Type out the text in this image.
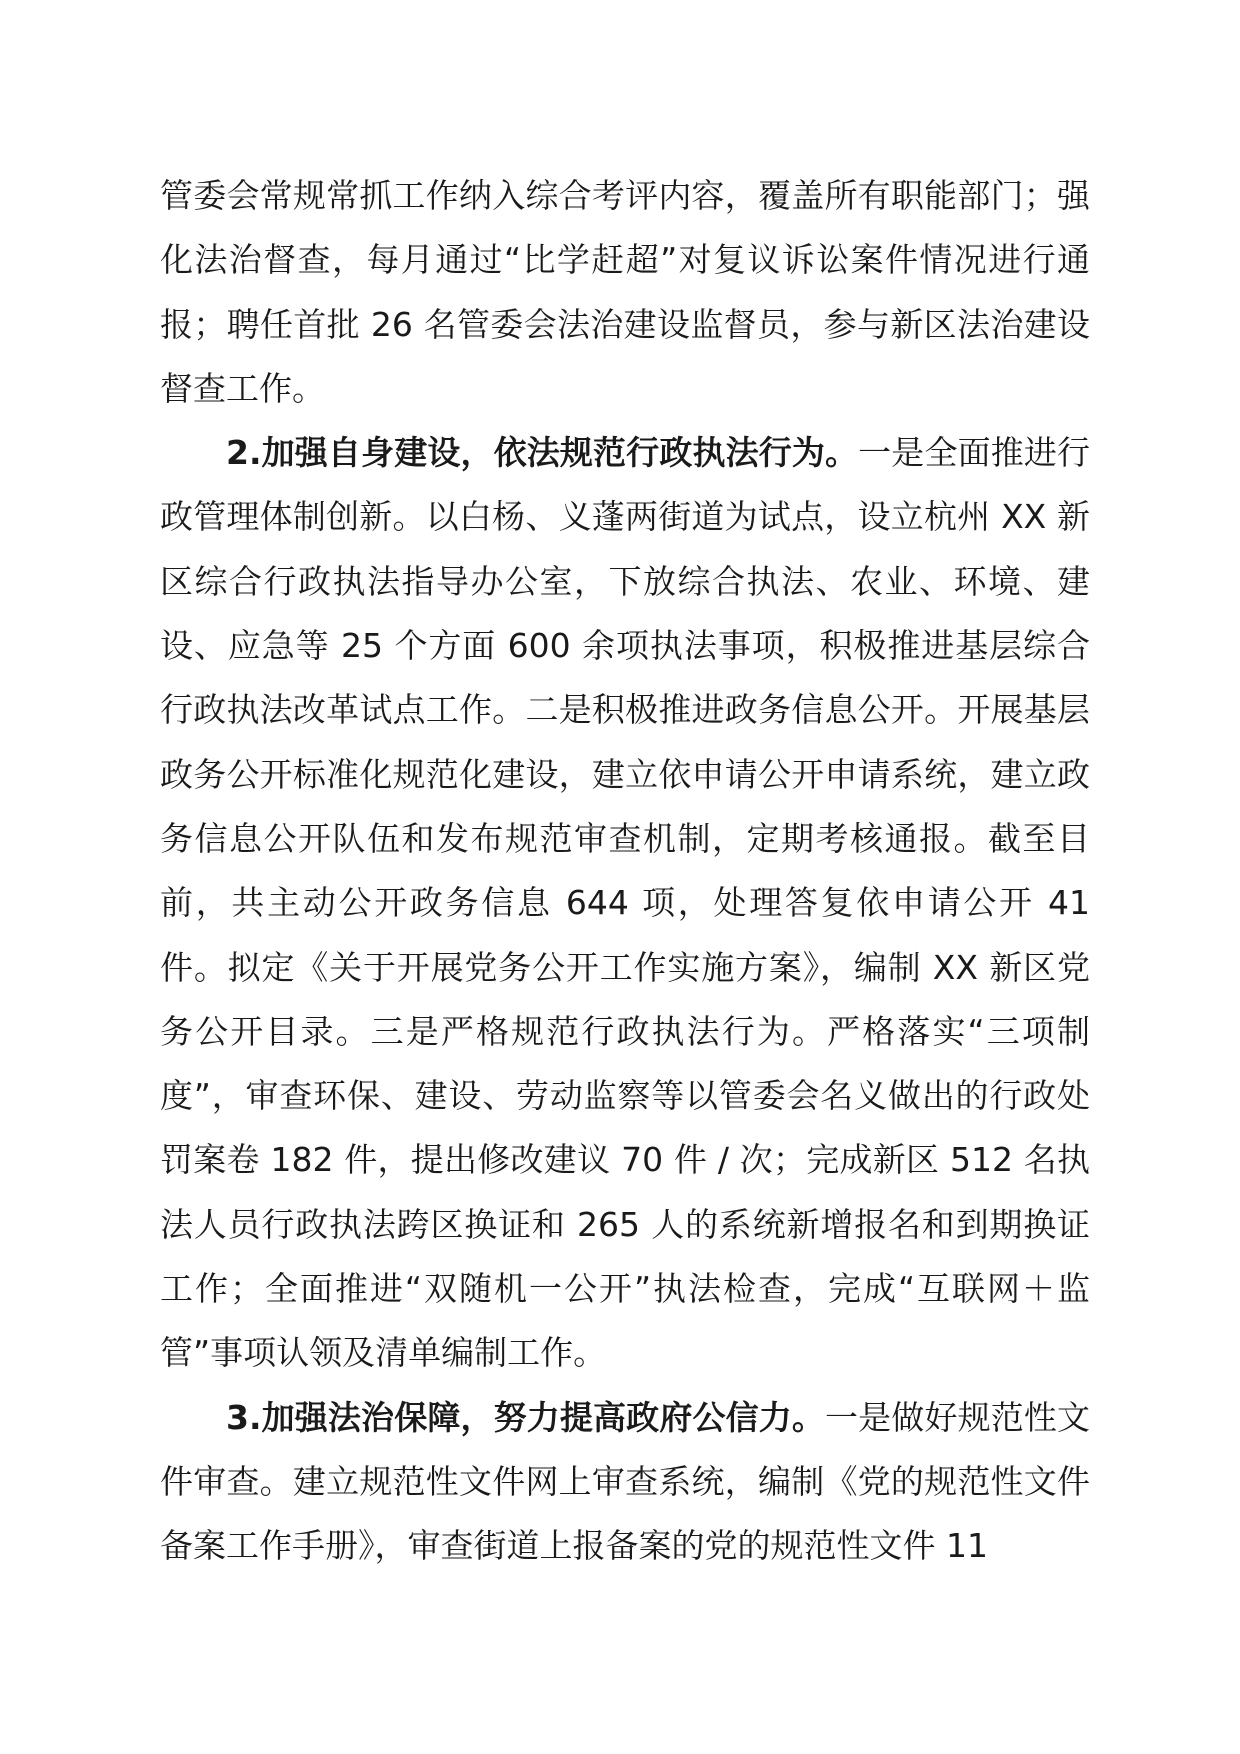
管委会常规常抓工作纳入综合考评内容，覆盖所有职能部门；强化法治督查，每月通过“比学赶超”对复议诉讼案件情况进行通报；聘任首批 26 名管委会法治建设监督员，参与新区法治建设督查工作。

2.加强自身建设，依法规范行政执法行为。一是全面推进行政管理体制创新。以白杨、义蓬两街道为试点，设立杭州 XX 新区综合行政执法指导办公室，下放综合执法、农业、环境、建设、应急等 25 个方面 600 余项执法事项，积极推进基层综合行政执法改革试点工作。二是积极推进政务信息公开。开展基层政务公开标准化规范化建设，建立依申请公开申请系统，建立政务信息公开队伍和发布规范审查机制，定期考核通报。截至目前，共主动公开政务信息 644 项，处理答复依申请公开 41 件。拟定《关于开展党务公开工作实施方案》，编制 XX 新区党务公开目录。三是严格规范行政执法行为。严格落实“三项制度”，审查环保、建设、劳动监察等以管委会名义做出的行政处罚案卷 182 件，提出修改建议 70 件 / 次；完成新区 512 名执法人员行政执法跨区换证和 265 人的系统新增报名和到期换证工作；全面推进“双随机一公开”执法检查，完成“互联网＋监管”事项认领及清单编制工作。

3.加强法治保障，努力提高政府公信力。一是做好规范性文件审查。建立规范性文件网上审查系统，编制《党的规范性文件备案工作手册》，审查街道上报备案的党的规范性文件 11
